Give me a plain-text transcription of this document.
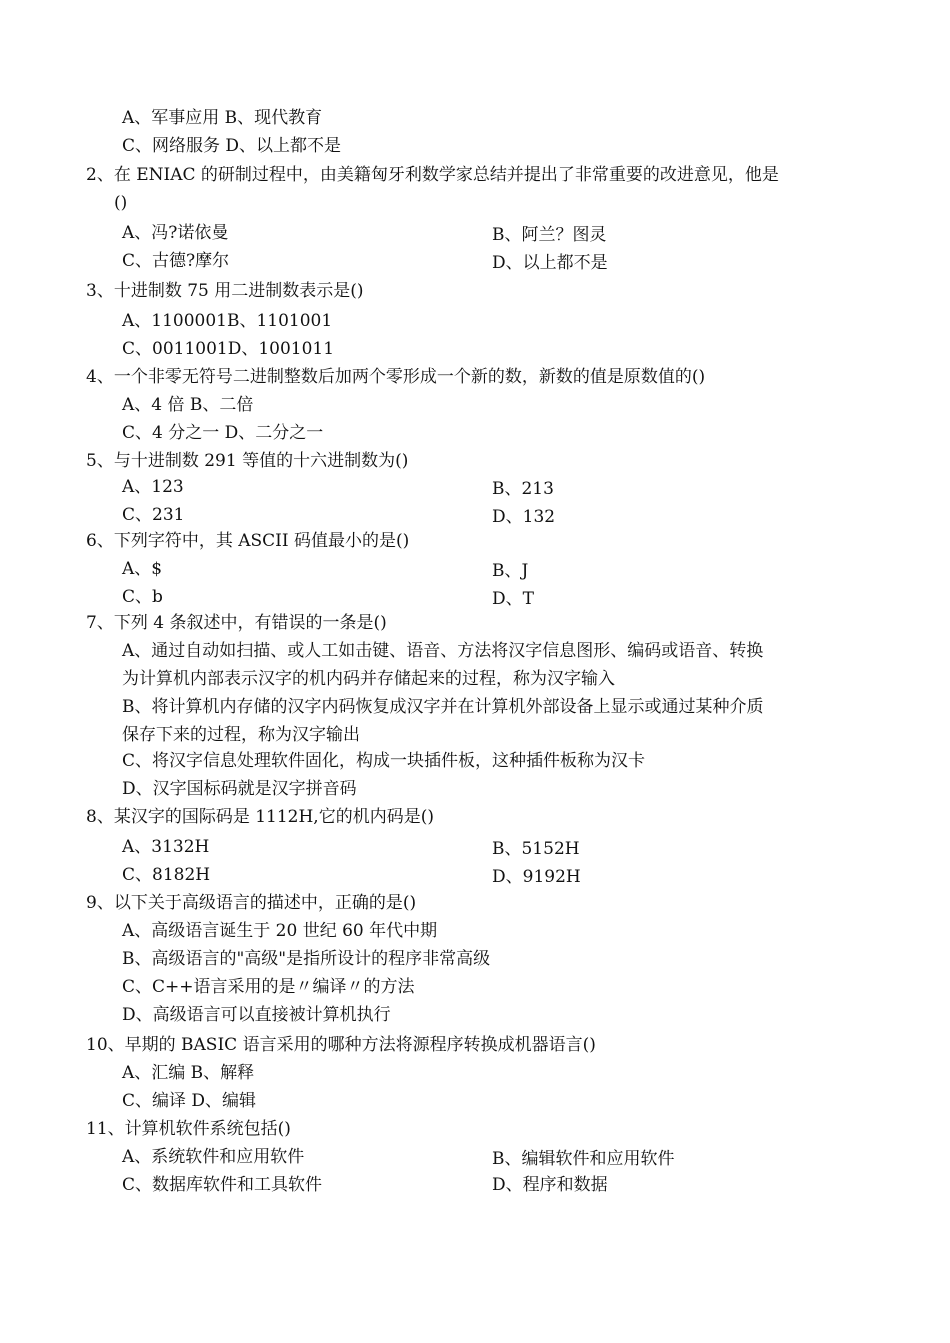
A、军事应用 B、现代教育
C、网络服务 D、以上都不是
2、在 ENIAC 的研制过程中，由美籍匈牙利数学家总结并提出了非常重要的改进意见，他是
()
A、冯?诺依曼	B、阿兰？图灵
C、古德?摩尔	D、以上都不是
3、十进制数 75 用二进制数表示是()
A、1100001B、1101001
C、0011001D、1001011
4、一个非零无符号二进制整数后加两个零形成一个新的数，新数的值是原数值的()
A、4 倍 B、二倍
C、4 分之一 D、二分之一
5、与十进制数 291 等值的十六进制数为()
A、123	B、213
C、231	D、132
6、下列字符中，其 ASCII 码值最小的是()
A、$	B、J
C、b	D、T
7、下列 4 条叙述中，有错误的一条是()
A、通过自动如扫描、或人工如击键、语音、方法将汉字信息图形、编码或语音、转换
为计算机内部表示汉字的机内码并存储起来的过程，称为汉字输入
B、将计算机内存储的汉字内码恢复成汉字并在计算机外部设备上显示或通过某种介质
保存下来的过程，称为汉字输出
C、将汉字信息处理软件固化，构成一块插件板，这种插件板称为汉卡
D、汉字国标码就是汉字拼音码
8、某汉字的国际码是 1112H,它的机内码是()
A、3132H	B、5152H
C、8182H	D、9192H
9、以下关于高级语言的描述中，正确的是()
A、高级语言诞生于 20 世纪 60 年代中期
B、高级语言的"高级"是指所设计的程序非常高级
C、C++语言采用的是〃编译〃的方法
D、高级语言可以直接被计算机执行
10、早期的 BASIC 语言采用的哪种方法将源程序转换成机器语言()
A、汇编 B、解释
C、编译 D、编辑
11、计算机软件系统包括()
A、系统软件和应用软件	B、编辑软件和应用软件
C、数据库软件和工具软件	D、程序和数据
